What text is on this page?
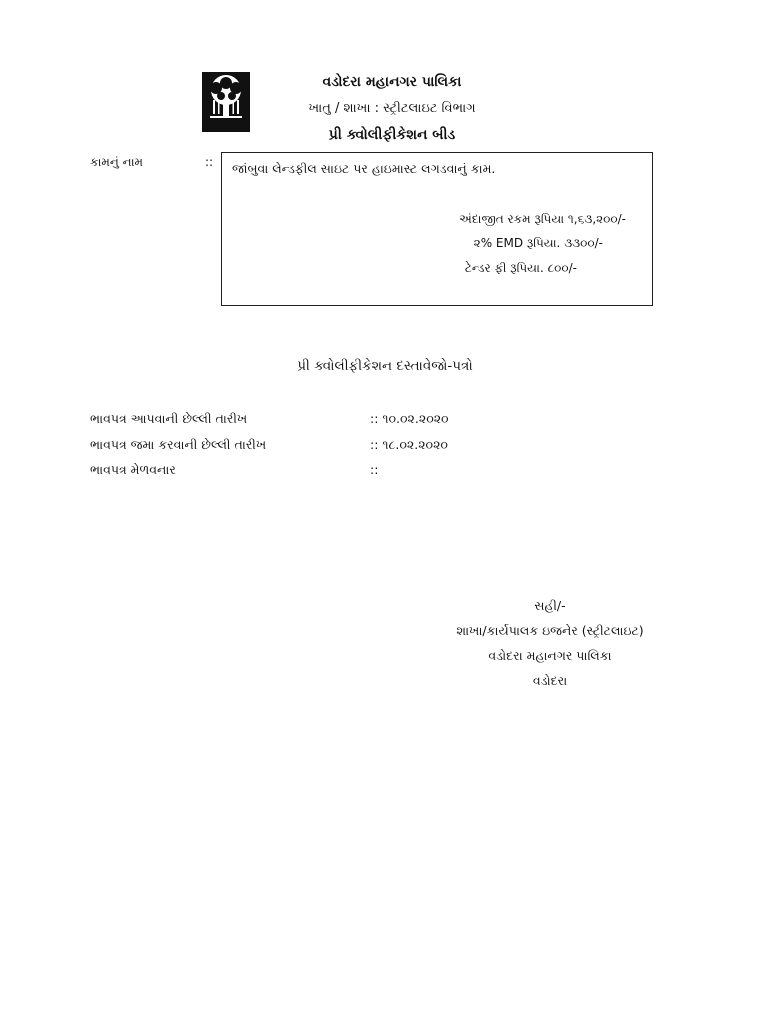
વડોદરા મહાનગર પાલિકા
ખાતુ / શાખા : સ્ટ્રીટલાઇટ વિભાગ
પ્રી ક્વોલીફીકેશન બીડ
કામનું નામ	:: જાંબુવા લેન્ડફીલ સાઇટ પર હાઇમાસ્ટ લગડવાનું કામ.
અંદાજીત રકમ રૂપિયા ૧,૬૩,૨૦૦/-
૨% EMD રૂપિયા. ૩૩૦૦/-
ટેન્ડર ફી રૂપિયા. ૮૦૦/-
પ્રી ક્વોલીફીકેશન દસ્તાવેજો-પત્રો
ભાવપત્ર આપવાની છેલ્લી તારીખ	:: ૧૦.૦૨.૨૦૨૦
ભાવપત્ર જમા કરવાની છેલ્લી તારીખ	:: ૧૮.૦૨.૨૦૨૦
ભાવપત્ર મેળવનાર	::
સહી/-
શાખા/કાર્યપાલક ઇજનેર (સ્ટ્રીટલાઇટ)
વડોદરા મહાનગર પાલિકા
વડોદરા
